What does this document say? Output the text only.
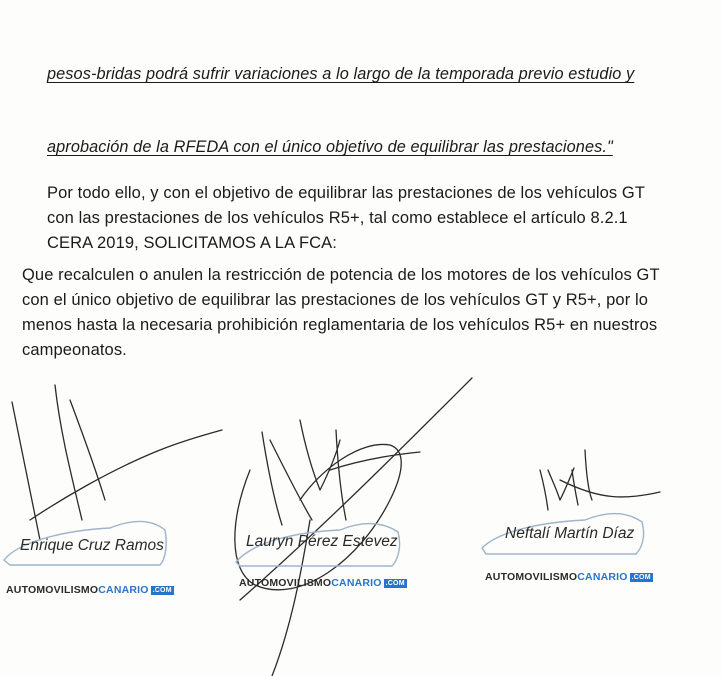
pesos-bridas podrá sufrir variaciones a lo largo de la temporada previo estudio y

aprobación de la RFEDA con el único objetivo de equilibrar las prestaciones."

Por todo ello, y con el objetivo de equilibrar las prestaciones de los vehículos GT

con las prestaciones de los vehículos R5+, tal como establece el artículo 8.2.1

CERA 2019, SOLICITAMOS A LA FCA:

Que recalculen o anulen la restricción de potencia de los motores de los vehículos GT

con el único objetivo de equilibrar las prestaciones de los vehículos GT y R5+, por lo

menos hasta la necesaria prohibición reglamentaria de los vehículos R5+ en nuestros

campeonatos.

Enrique Cruz Ramos	Lauryn Pérez Estevez	Neftalí Martín Díaz
AUTOMOVILISMOCANARIO .COM
AUTOMOVILISMOCANARIO .COM
AUTOMOVILISMOCANARIO .COM
